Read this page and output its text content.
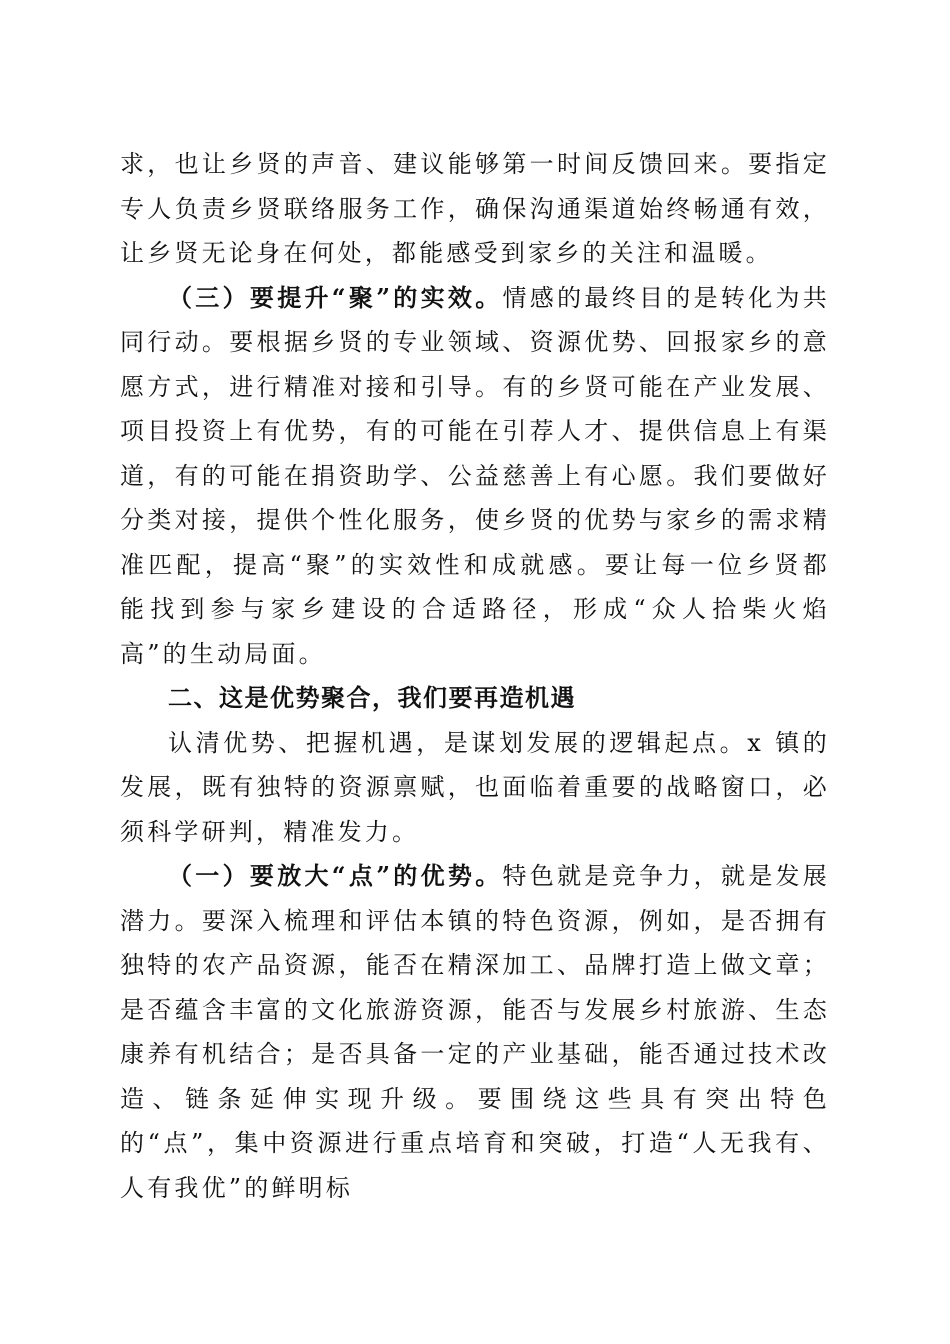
求，也让乡贤的声音、建议能够第一时间反馈回来。要指定专人负责乡贤联络服务工作，确保沟通渠道始终畅通有效，让乡贤无论身在何处，都能感受到家乡的关注和温暖。

（三）要提升“聚”的实效。情感的最终目的是转化为共同行动。要根据乡贤的专业领域、资源优势、回报家乡的意愿方式，进行精准对接和引导。有的乡贤可能在产业发展、项目投资上有优势，有的可能在引荐人才、提供信息上有渠道，有的可能在捐资助学、公益慈善上有心愿。我们要做好分类对接，提供个性化服务，使乡贤的优势与家乡的需求精准匹配，提高“聚”的实效性和成就感。要让每一位乡贤都能找到参与家乡建设的合适路径，形成“众人拾柴火焰高”的生动局面。

二、这是优势聚合，我们要再造机遇

认清优势、把握机遇，是谋划发展的逻辑起点。x 镇的发展，既有独特的资源禀赋，也面临着重要的战略窗口，必须科学研判，精准发力。

（一）要放大“点”的优势。特色就是竞争力，就是发展潜力。要深入梳理和评估本镇的特色资源，例如，是否拥有独特的农产品资源，能否在精深加工、品牌打造上做文章；是否蕴含丰富的文化旅游资源，能否与发展乡村旅游、生态康养有机结合；是否具备一定的产业基础，能否通过技术改造、链条延伸实现升级。要围绕这些具有突出特色的“点”，集中资源进行重点培育和突破，打造“人无我有、人有我优”的鲜明标
